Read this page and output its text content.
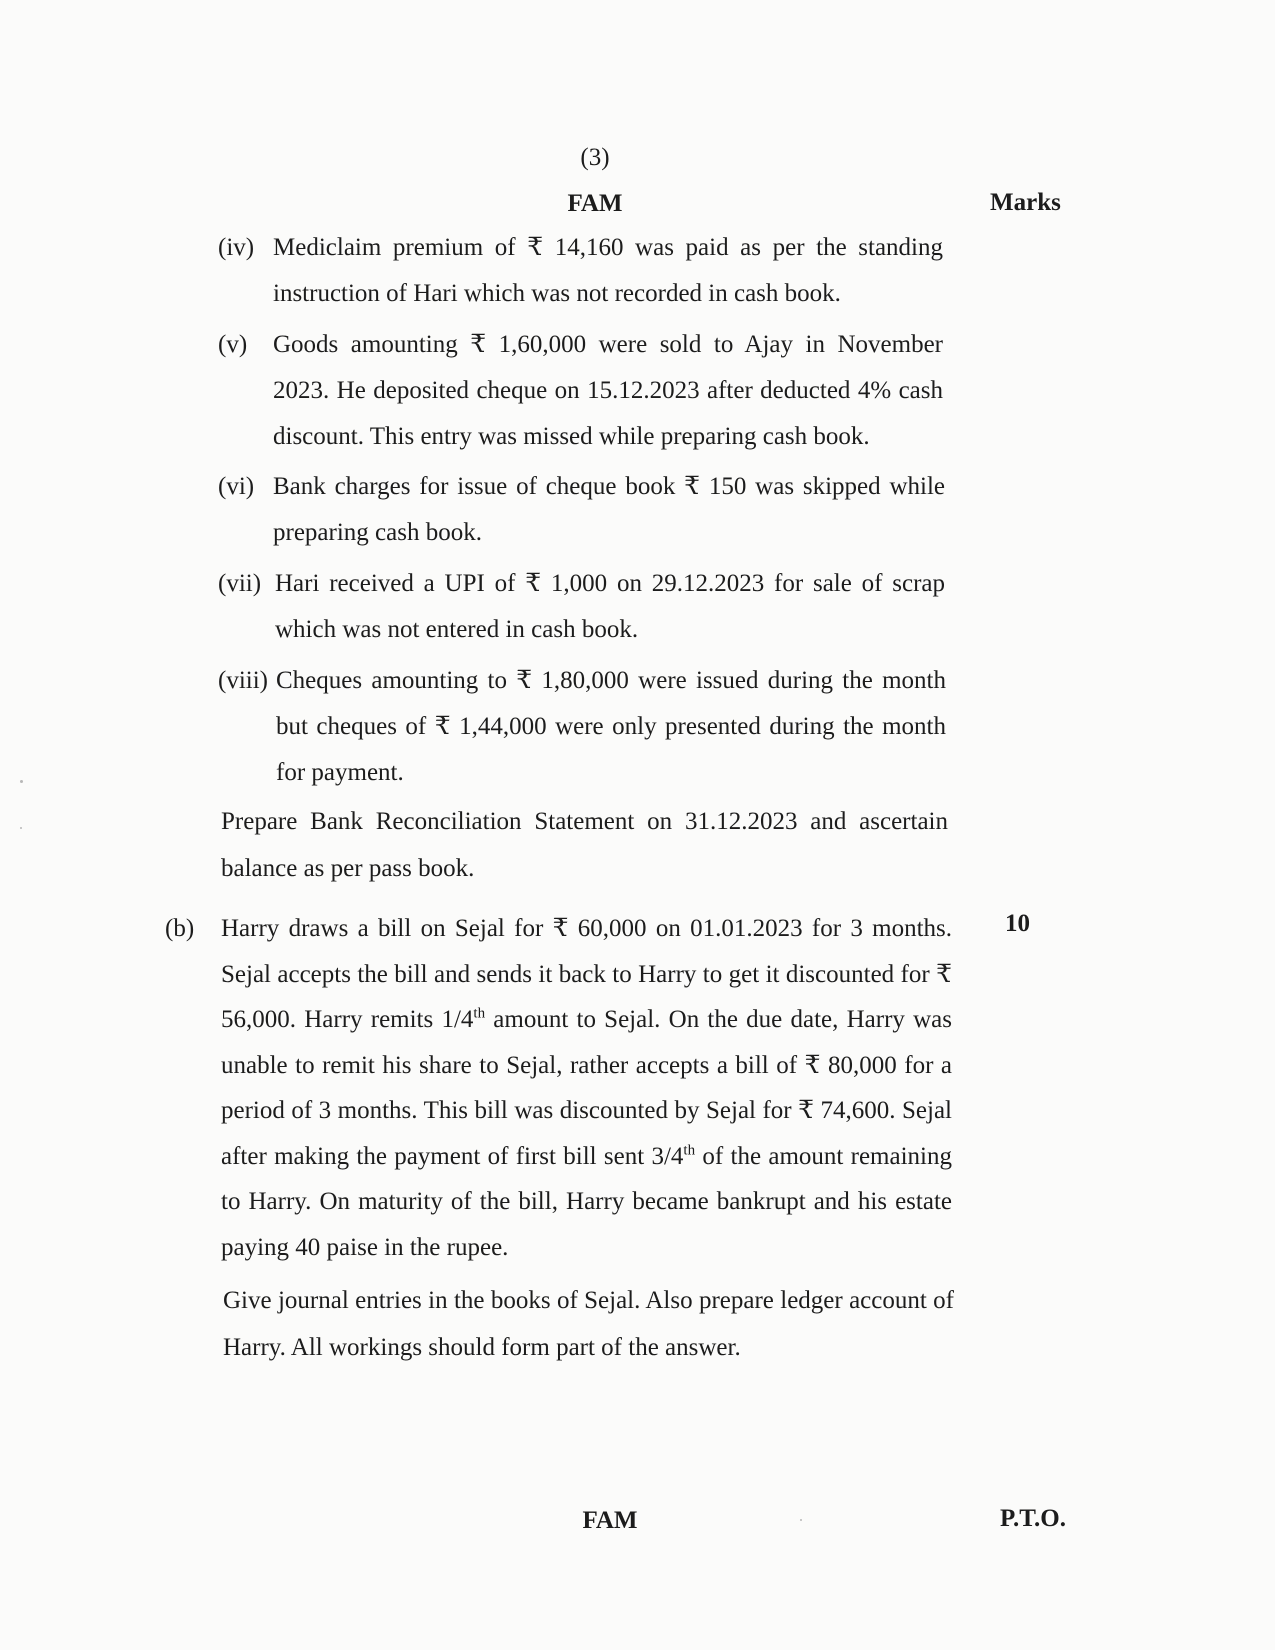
(3)
FAM	Marks
(iv) Mediclaim premium of ₹ 14,160 was paid as per the standing instruction of Hari which was not recorded in cash book.
(v) Goods amounting ₹ 1,60,000 were sold to Ajay in November 2023. He deposited cheque on 15.12.2023 after deducted 4% cash discount. This entry was missed while preparing cash book.
(vi) Bank charges for issue of cheque book ₹ 150 was skipped while preparing cash book.
(vii) Hari received a UPI of ₹ 1,000 on 29.12.2023 for sale of scrap which was not entered in cash book.
(viii) Cheques amounting to ₹ 1,80,000 were issued during the month but cheques of ₹ 1,44,000 were only presented during the month for payment.
Prepare Bank Reconciliation Statement on 31.12.2023 and ascertain balance as per pass book.
(b)	10
Harry draws a bill on Sejal for ₹ 60,000 on 01.01.2023 for 3 months. Sejal accepts the bill and sends it back to Harry to get it discounted for ₹ 56,000. Harry remits 1/4th amount to Sejal. On the due date, Harry was unable to remit his share to Sejal, rather accepts a bill of ₹ 80,000 for a period of 3 months. This bill was discounted by Sejal for ₹ 74,600. Sejal after making the payment of first bill sent 3/4th of the amount remaining to Harry. On maturity of the bill, Harry became bankrupt and his estate paying 40 paise in the rupee.
Give journal entries in the books of Sejal. Also prepare ledger account of Harry. All workings should form part of the answer.
FAM	P.T.O.
